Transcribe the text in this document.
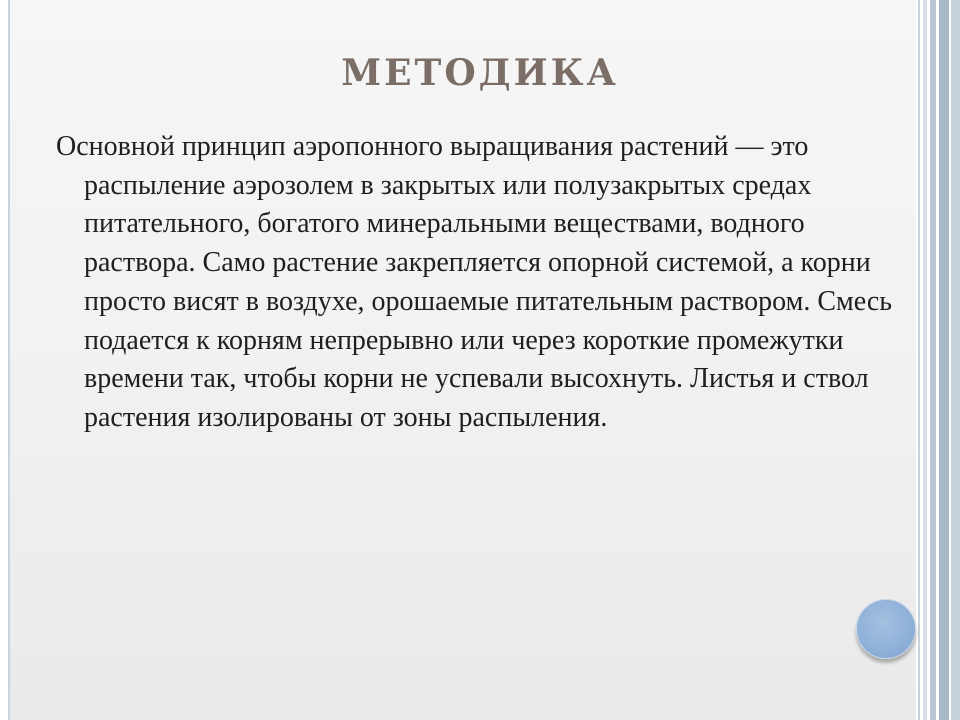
МЕТОДИКА

Основной принцип аэропонного выращивания растений — это распыление аэрозолем в закрытых или полузакрытых средах питательного, богатого минеральными веществами, водного раствора. Само растение закрепляется опорной системой, а корни просто висят в воздухе, орошаемые питательным раствором. Смесь подается к корням непрерывно или через короткие промежутки времени так, чтобы корни не успевали высохнуть. Листья и ствол растения изолированы от зоны распыления.
